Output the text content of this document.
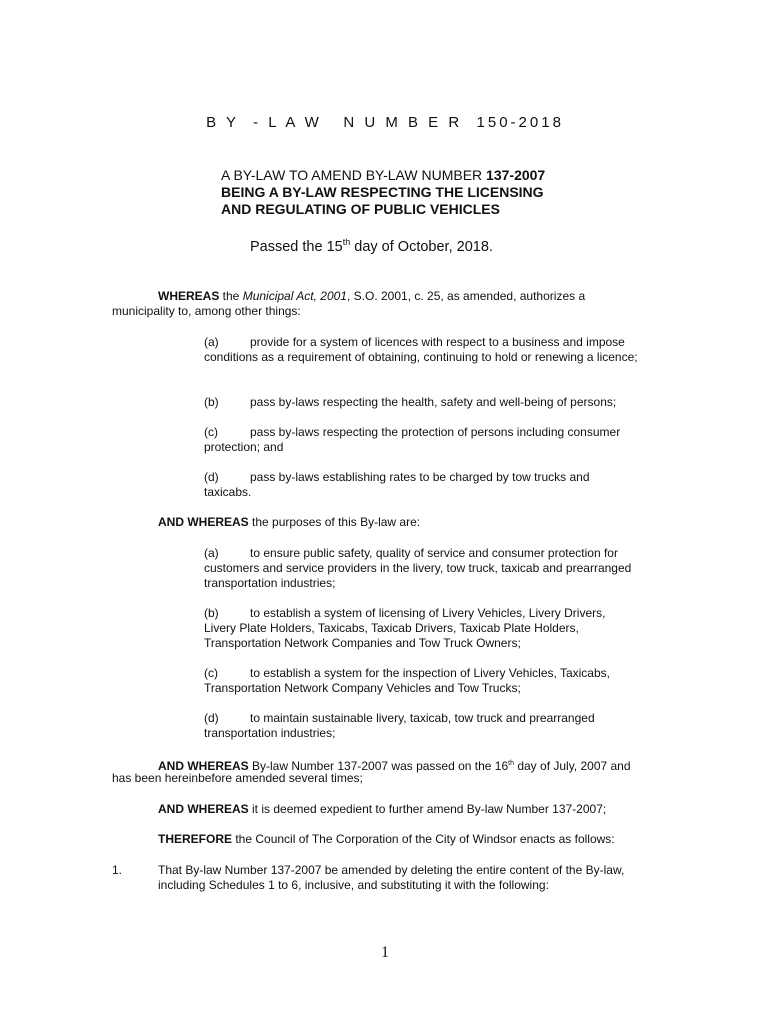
B Y  - L A W   N U M B E R  150-2018
A BY-LAW TO AMEND BY-LAW NUMBER 137-2007
BEING A BY-LAW RESPECTING THE LICENSING
AND REGULATING OF PUBLIC VEHICLES
Passed the 15th day of October, 2018.
WHEREAS the Municipal Act, 2001, S.O. 2001, c. 25, as amended, authorizes a
municipality to, among other things:
(a)	provide for a system of licences with respect to a business and impose
conditions as a requirement of obtaining, continuing to hold or renewing a licence;
(b)	pass by-laws respecting the health, safety and well-being of persons;
(c)	pass by-laws respecting the protection of persons including consumer
protection; and
(d)	pass by-laws establishing rates to be charged by tow trucks and
taxicabs.
AND WHEREAS the purposes of this By-law are:
(a)	to ensure public safety, quality of service and consumer protection for
customers and service providers in the livery, tow truck, taxicab and prearranged transportation industries;
(b)	to establish a system of licensing of Livery Vehicles, Livery Drivers,
Livery Plate Holders, Taxicabs, Taxicab Drivers, Taxicab Plate Holders, Transportation Network Companies and Tow Truck Owners;
(c)	to establish a system for the inspection of Livery Vehicles, Taxicabs,
Transportation Network Company Vehicles and Tow Trucks;
(d)	to maintain sustainable livery, taxicab, tow truck and prearranged
transportation industries;
AND WHEREAS By-law Number 137-2007 was passed on the 16th day of July, 2007 and
has been hereinbefore amended several times;
AND WHEREAS it is deemed expedient to further amend By-law Number 137-2007;
THEREFORE the Council of The Corporation of the City of Windsor enacts as follows:
1.	That By-law Number 137-2007 be amended by deleting the entire content of the By-law,
including Schedules 1 to 6, inclusive, and substituting it with the following:
1
